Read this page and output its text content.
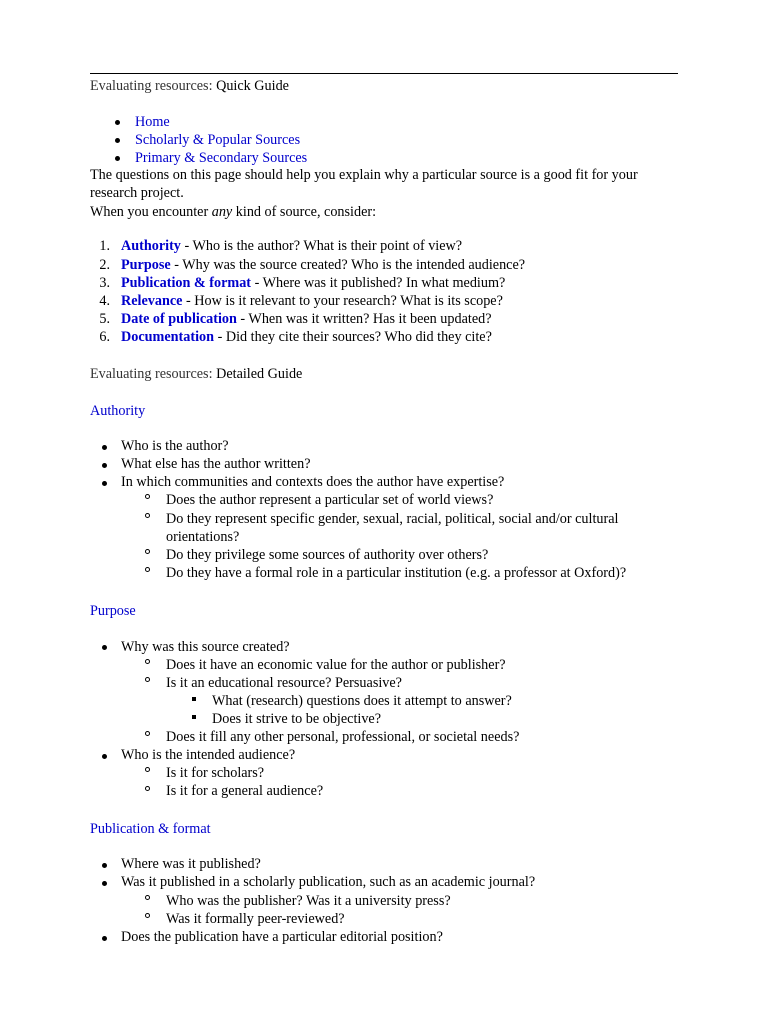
Evaluating resources: Quick Guide
Home
Scholarly & Popular Sources
Primary & Secondary Sources
The questions on this page should help you explain why a particular source is a good fit for your
research project.
When you encounter any kind of source, consider:
1. Authority - Who is the author? What is their point of view?
2. Purpose - Why was the source created? Who is the intended audience?
3. Publication & format - Where was it published? In what medium?
4. Relevance - How is it relevant to your research? What is its scope?
5. Date of publication - When was it written? Has it been updated?
6. Documentation - Did they cite their sources? Who did they cite?
Evaluating resources: Detailed Guide
Authority
Who is the author?
What else has the author written?
In which communities and contexts does the author have expertise?
Does the author represent a particular set of world views?
Do they represent specific gender, sexual, racial, political, social and/or cultural
orientations?
Do they privilege some sources of authority over others?
Do they have a formal role in a particular institution (e.g. a professor at Oxford)?
Purpose
Why was this source created?
Does it have an economic value for the author or publisher?
Is it an educational resource? Persuasive?
What (research) questions does it attempt to answer?
Does it strive to be objective?
Does it fill any other personal, professional, or societal needs?
Who is the intended audience?
Is it for scholars?
Is it for a general audience?
Publication & format
Where was it published?
Was it published in a scholarly publication, such as an academic journal?
Who was the publisher? Was it a university press?
Was it formally peer-reviewed?
Does the publication have a particular editorial position?
